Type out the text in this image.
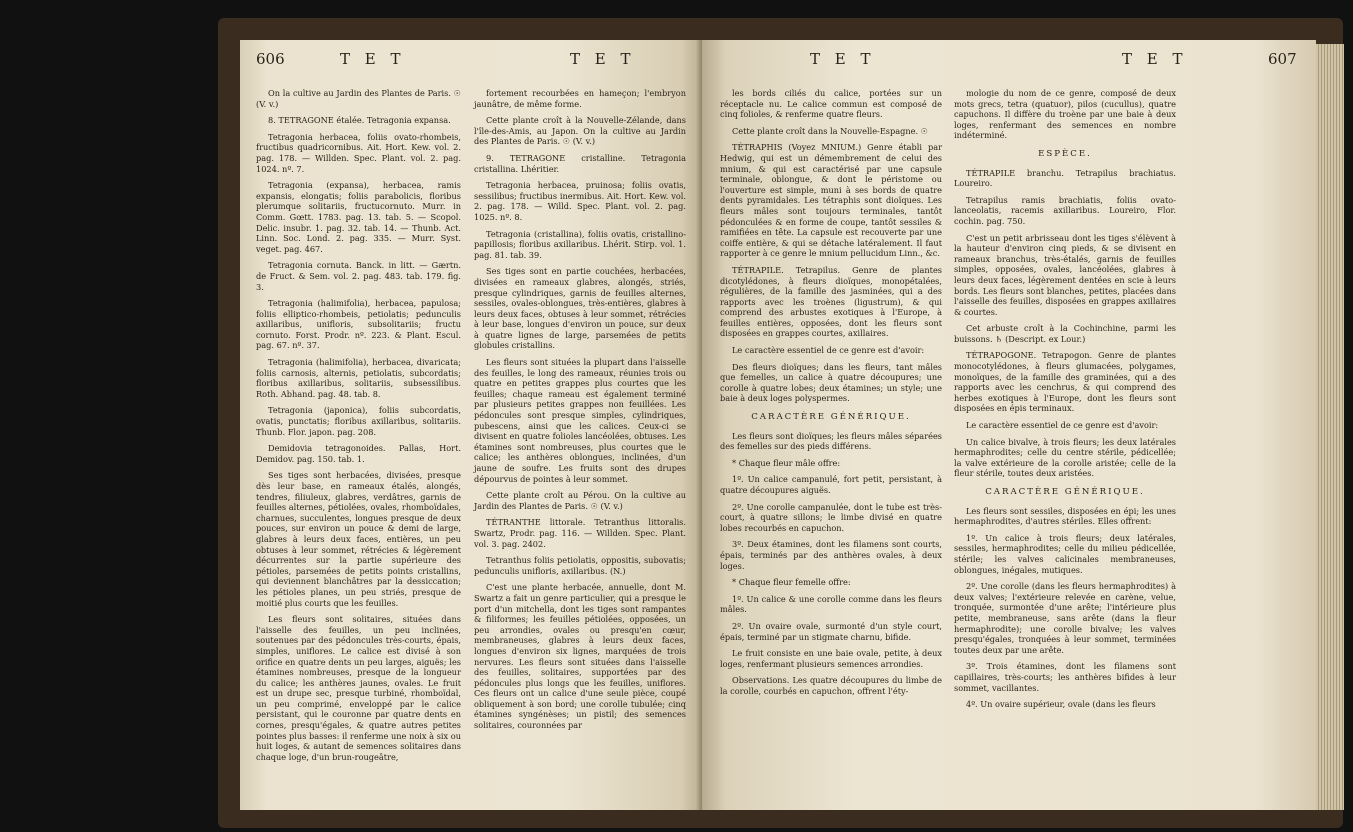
606	T E T	T E T

On la cultive au Jardin des Plantes de Paris. ☉ (V. v.)

8. TETRAGONE étalée. Tetragonia expansa.

Tetragonia herbacea, foliis ovato-rhombeis, fructibus quadricornibus. Ait. Hort. Kew. vol. 2. pag. 178. — Willden. Spec. Plant. vol. 2. pag. 1024. nº. 7.

Tetragonia (expansa), herbacea, ramis expansis, elongatis; foliis parabolicis, floribus plerumque solitariis, fructucornuto. Murr. in Comm. Gœtt. 1783. pag. 13. tab. 5. — Scopol. Delic. insubr. 1. pag. 32. tab. 14. — Thunb. Act. Linn. Soc. Lond. 2. pag. 335. — Murr. Syst. veget. pag. 467.

Tetragonia cornuta. Banck. in litt. — Gærtn. de Fruct. & Sem. vol. 2. pag. 483. tab. 179. fig. 3.

Tetragonia (halimifolia), herbacea, papulosa; foliis elliptico-rhombeis, petiolatis; pedunculis axillaribus, unifloris, subsolitariis; fructu cornuto. Forst. Prodr. nº. 223. & Plant. Escul. pag. 67. nº. 37.

Tetragonia (halimifolia), herbacea, divaricata; foliis carnosis, alternis, petiolatis, subcordatis; floribus axillaribus, solitariis, subsessilibus. Roth. Abhand. pag. 48. tab. 8.

Tetragonia (japonica), foliis subcordatis, ovatis, punctatis; floribus axillaribus, solitariis. Thunb. Flor. japon. pag. 208.

Demidovia tetragonoides. Pallas, Hort. Demidov. pag. 150. tab. 1.

Ses tiges sont herbacées, divisées, presque dès leur base, en rameaux étalés, alongés, tendres, filiuleux, glabres, verdâtres, garnis de feuilles alternes, pétiolées, ovales, rhomboïdales, charnues, succulentes, longues presque de deux pouces, sur environ un pouce & demi de large, glabres à leurs deux faces, entières, un peu obtuses à leur sommet, rétrécies & légèrement décurrentes sur la partie supérieure des pétioles, parsemées de petits points cristallins, qui deviennent blanchâtres par la dessiccation; les pétioles planes, un peu striés, presque de moitié plus courts que les feuilles.

Les fleurs sont solitaires, situées dans l'aisselle des feuilles, un peu inclinées, soutenues par des pédoncules très-courts, épais, simples, uniflores. Le calice est divisé à son orifice en quatre dents un peu larges, aiguës; les étamines nombreuses, presque de la longueur du calice; les anthères jaunes, ovales. Le fruit est un drupe sec, presque turbiné, rhomboïdal, un peu comprimé, enveloppé par le calice persistant, qui le couronne par quatre dents en cornes, presqu'égales, & quatre autres petites pointes plus basses: il renferme une noix à six ou huit loges, & autant de semences solitaires dans chaque loge, d'un brun-rougeâtre,

fortement recourbées en hameçon; l'embryon jaunâtre, de même forme.

Cette plante croît à la Nouvelle-Zélande, dans l'île-des-Amis, au Japon. On la cultive au Jardin des Plantes de Paris. ☉ (V. v.)

9. TETRAGONE cristalline. Tetragonia cristallina. Lhéritier.

Tetragonia herbacea, pruinosa; foliis ovatis, sessilibus; fructibus inermibus. Ait. Hort. Kew. vol. 2. pag. 178. — Willd. Spec. Plant. vol. 2. pag. 1025. nº. 8.

Tetragonia (cristallina), foliis ovatis, cristallino-papillosis; floribus axillaribus. Lhérit. Stirp. vol. 1. pag. 81. tab. 39.

Ses tiges sont en partie couchées, herbacées, divisées en rameaux glabres, alongés, striés, presque cylindriques, garnis de feuilles alternes, sessiles, ovales-oblongues, très-entières, glabres à leurs deux faces, obtuses à leur sommet, rétrécies à leur base, longues d'environ un pouce, sur deux à quatre lignes de large, parsemées de petits globules cristallins.

Les fleurs sont situées la plupart dans l'aisselle des feuilles, le long des rameaux, réunies trois ou quatre en petites grappes plus courtes que les feuilles; chaque rameau est également terminé par plusieurs petites grappes non feuillées. Les pédoncules sont presque simples, cylindriques, pubescens, ainsi que les calices. Ceux-ci se divisent en quatre folioles lancéolées, obtuses. Les étamines sont nombreuses, plus courtes que le calice; les anthères oblongues, inclinées, d'un jaune de soufre. Les fruits sont des drupes dépourvus de pointes à leur sommet.

Cette plante croît au Pérou. On la cultive au Jardin des Plantes de Paris. ☉ (V. v.)

TÉTRANTHE littorale. Tetranthus littoralis. Swartz, Prodr. pag. 116. — Willden. Spec. Plant. vol. 3. pag. 2402.

Tetranthus foliis petiolatis, oppositis, subovatis; pedunculis unifloris, axillaribus. (N.)

C'est une plante herbacée, annuelle, dont M. Swartz a fait un genre particulier, qui a presque le port d'un mitchella, dont les tiges sont rampantes & filiformes; les feuilles pétiolées, opposées, un peu arrondies, ovales ou presqu'en cœur, membraneuses, glabres à leurs deux faces, longues d'environ six lignes, marquées de trois nervures. Les fleurs sont situées dans l'aisselle des feuilles, solitaires, supportées par des pédoncules plus longs que les feuilles, uniflores. Ces fleurs ont un calice d'une seule pièce, coupé obliquement à son bord; une corolle tubulée; cinq étamines syngénèses; un pistil; des semences solitaires, couronnées par

T E T	T E T	607

les bords ciliés du calice, portées sur un réceptacle nu. Le calice commun est composé de cinq folioles, & renferme quatre fleurs.

Cette plante croît dans la Nouvelle-Espagne. ☉

TÉTRAPHIS (Voyez MNIUM.) Genre établi par Hedwig, qui est un démembrement de celui des mnium, & qui est caractérisé par une capsule terminale, oblongue, & dont le péristome ou l'ouverture est simple, muni à ses bords de quatre dents pyramidales. Les tétraphis sont dioïques. Les fleurs mâles sont toujours terminales, tantôt pédonculées & en forme de coupe, tantôt sessiles & ramifiées en tête. La capsule est recouverte par une coiffe entière, & qui se détache latéralement. Il faut rapporter à ce genre le mnium pellucidum Linn., &c.

TÉTRAPILE. Tetrapilus. Genre de plantes dicotylédones, à fleurs dioïques, monopétalées, régulières, de la famille des jasminées, qui a des rapports avec les troènes (ligustrum), & qui comprend des arbustes exotiques à l'Europe, à feuilles entières, opposées, dont les fleurs sont disposées en grappes courtes, axillaires.

Le caractère essentiel de ce genre est d'avoir:

Des fleurs dioïques; dans les fleurs, tant mâles que femelles, un calice à quatre découpures; une corolle à quatre lobes; deux étamines; un style; une baie à deux loges polyspermes.

CARACTÈRE GÉNÉRIQUE.

Les fleurs sont dioïques; les fleurs mâles séparées des femelles sur des pieds différens.

* Chaque fleur mâle offre:

1º. Un calice campanulé, fort petit, persistant, à quatre découpures aiguës.

2º. Une corolle campanulée, dont le tube est très-court, à quatre sillons; le limbe divisé en quatre lobes recourbés en capuchon.

3º. Deux étamines, dont les filamens sont courts, épais, terminés par des anthères ovales, à deux loges.

* Chaque fleur femelle offre:

1º. Un calice & une corolle comme dans les fleurs mâles.

2º. Un ovaire ovale, surmonté d'un style court, épais, terminé par un stigmate charnu, bifide.

Le fruit consiste en une baie ovale, petite, à deux loges, renfermant plusieurs semences arrondies.

Observations. Les quatre découpures du limbe de la corolle, courbés en capuchon, offrent l'éty-

mologie du nom de ce genre, composé de deux mots grecs, tetra (quatuor), pilos (cucullus), quatre capuchons. Il diffère du troène par une baie à deux loges, renfermant des semences en nombre indéterminé.

ESPÈCE.

TÉTRAPILE branchu. Tetrapilus brachiatus. Loureiro.

Tetrapilus ramis brachiatis, foliis ovato-lanceolatis, racemis axillaribus. Loureiro, Flor. cochin. pag. 750.

C'est un petit arbrisseau dont les tiges s'élèvent à la hauteur d'environ cinq pieds, & se divisent en rameaux branchus, très-étalés, garnis de feuilles simples, opposées, ovales, lancéolées, glabres à leurs deux faces, légèrement dentées en scie à leurs bords. Les fleurs sont blanches, petites, placées dans l'aisselle des feuilles, disposées en grappes axillaires & courtes.

Cet arbuste croît à la Cochinchine, parmi les buissons. ♄ (Descript. ex Lour.)

TÉTRAPOGONE. Tetrapogon. Genre de plantes monocotylédones, à fleurs glumacées, polygames, monoïques, de la famille des graminées, qui a des rapports avec les cenchrus, & qui comprend des herbes exotiques à l'Europe, dont les fleurs sont disposées en épis terminaux.

Le caractère essentiel de ce genre est d'avoir:

Un calice bivalve, à trois fleurs; les deux latérales hermaphrodites; celle du centre stérile, pédicellée; la valve extérieure de la corolle aristée; celle de la fleur stérile, toutes deux aristées.

CARACTÈRE GÉNÉRIQUE.

Les fleurs sont sessiles, disposées en épi; les unes hermaphrodites, d'autres stériles. Elles offrent:

1º. Un calice à trois fleurs; deux latérales, sessiles, hermaphrodites; celle du milieu pédicellée, stérile; les valves calicinales membraneuses, oblongues, inégales, mutiques.

2º. Une corolle (dans les fleurs hermaphrodites) à deux valves; l'extérieure relevée en carène, velue, tronquée, surmontée d'une arête; l'intérieure plus petite, membraneuse, sans arête (dans la fleur hermaphrodite); une corolle bivalve; les valves presqu'égales, tronquées à leur sommet, terminées toutes deux par une arête.

3º. Trois étamines, dont les filamens sont capillaires, très-courts; les anthères bifides à leur sommet, vacillantes.

4º. Un ovaire supérieur, ovale (dans les fleurs
